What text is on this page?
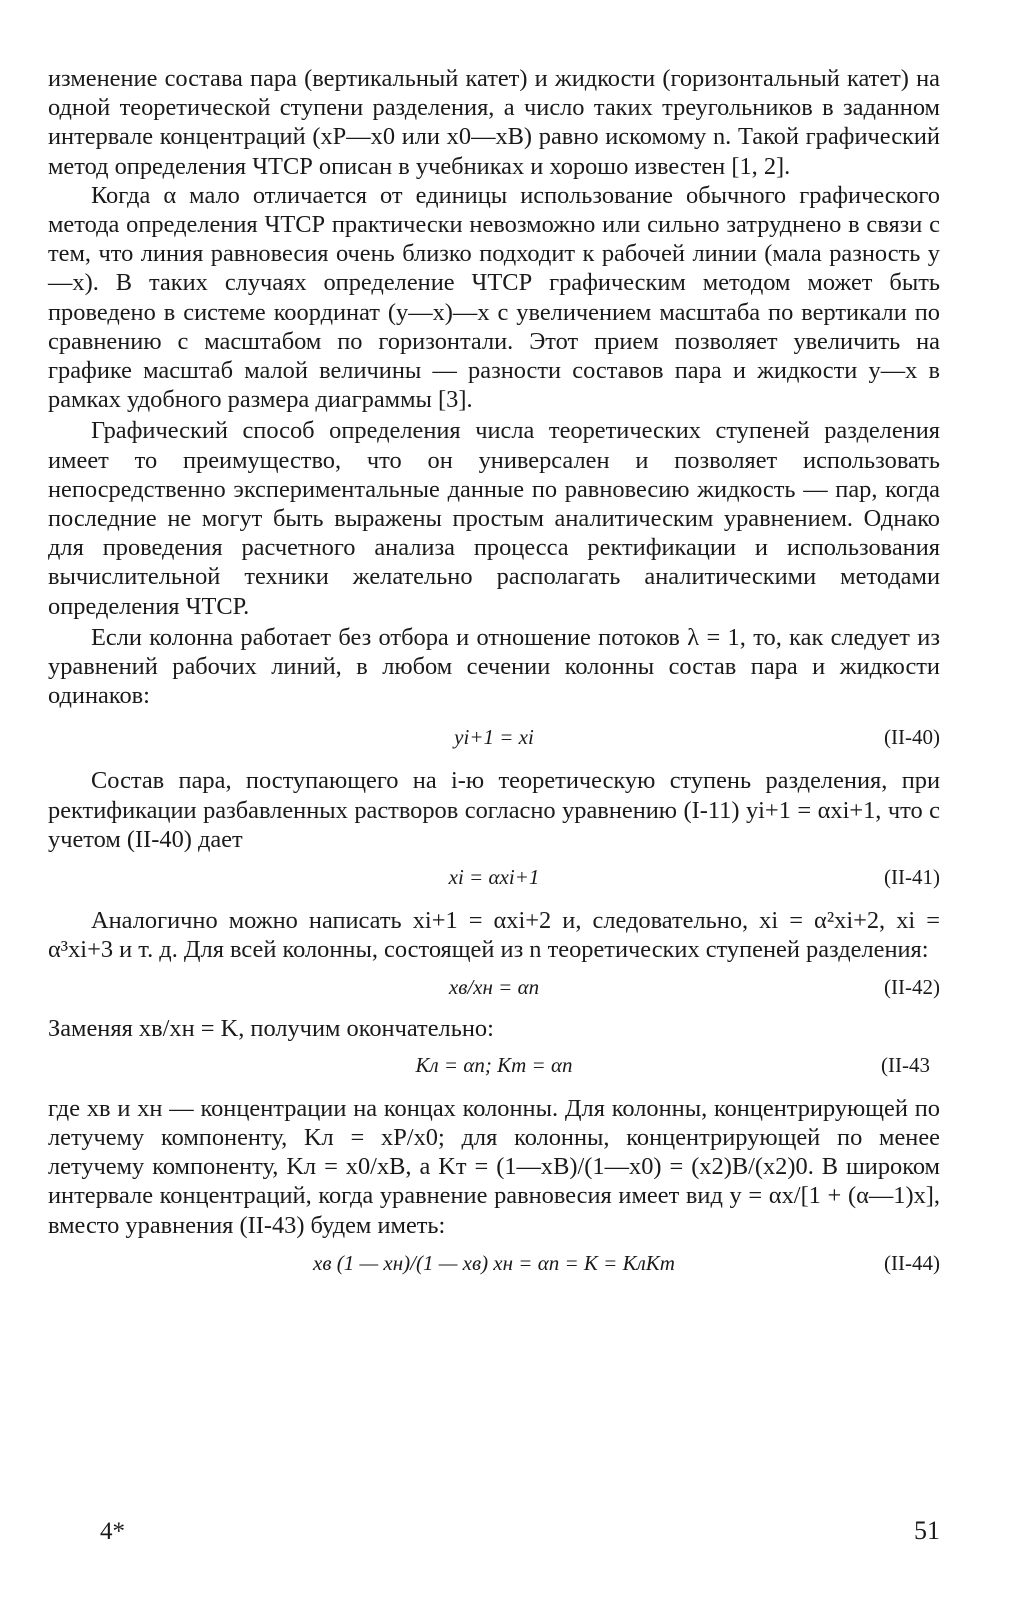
изменение состава пара (вертикальный катет) и жидкости (горизонтальный катет) на одной теоретической ступени разделения, а число таких треугольников в заданном интервале концентраций (xP—x0 или x0—xB) равно искомому n. Такой графический метод определения ЧТСР описан в учебниках и хорошо известен [1, 2].

Когда α мало отличается от единицы использование обычного графического метода определения ЧТСР практически невозможно или сильно затруднено в связи с тем, что линия равновесия очень близко подходит к рабочей линии (мала разность y—x). В таких случаях определение ЧТСР графическим методом может быть проведено в системе координат (y—x)—x с увеличением масштаба по вертикали по сравнению с масштабом по горизонтали. Этот прием позволяет увеличить на графике масштаб малой величины — разности составов пара и жидкости y—x в рамках удобного размера диаграммы [3].

Графический способ определения числа теоретических ступеней разделения имеет то преимущество, что он универсален и позволяет использовать непосредственно экспериментальные данные по равновесию жидкость — пар, когда последние не могут быть выражены простым аналитическим уравнением. Однако для проведения расчетного анализа процесса ректификации и использования вычислительной техники желательно располагать аналитическими методами определения ЧТСР.

Если колонна работает без отбора и отношение потоков λ = 1, то, как следует из уравнений рабочих линий, в любом сечении колонны состав пара и жидкости одинаков:

yi+1 = xi	(II-40)

Состав пара, поступающего на i-ю теоретическую ступень разделения, при ректификации разбавленных растворов согласно уравнению (I-11) yi+1 = αxi+1, что с учетом (II-40) дает

xi = αxi+1	(II-41)

Аналогично можно написать xi+1 = αxi+2 и, следовательно, xi = α²xi+2, xi = α³xi+3 и т. д. Для всей колонны, состоящей из n теоретических ступеней разделения:

xв/xн = αn	(II-42)

Заменяя xв/xн = K, получим окончательно:

Kл = αn; Kт = αn	(II-43

где xв и xн — концентрации на концах колонны. Для колонны, концентрирующей по летучему компоненту, Kл = xP/x0; для колонны, концентрирующей по менее летучему компоненту, Kл = x0/xB, а Kт = (1—xB)/(1—x0) = (x2)B/(x2)0. В широком интервале концентраций, когда уравнение равновесия имеет вид y = αx/[1 + (α—1)x], вместо уравнения (II-43) будем иметь:

xв (1 — xн)/(1 — xв) xн = αn = K = KлKт	(II-44)
4*	51
